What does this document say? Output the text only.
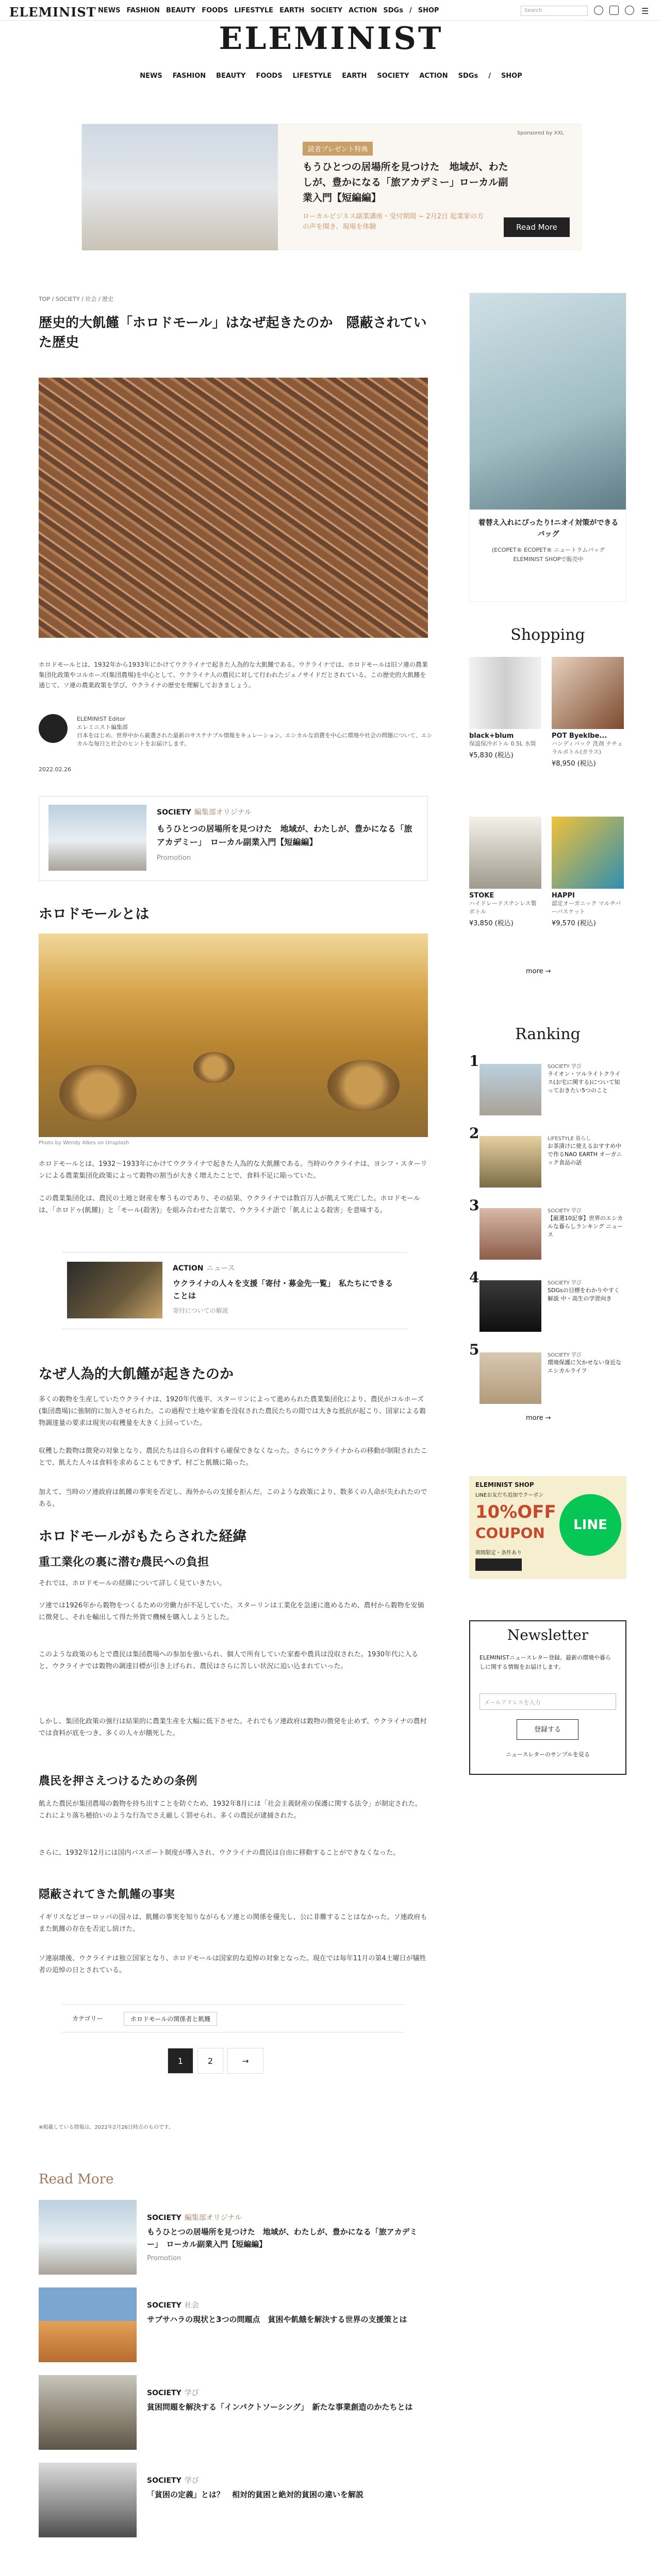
ELEMINIST NEWS FASHION BEAUTY FOODS LIFESTYLE EARTH SOCIETY ACTION SDGs / SHOP	Search	☰
ELEMINIST
NEWS FASHION BEAUTY FOODS LIFESTYLE EARTH SOCIETY ACTION SDGs / SHOP
Sponsored by XXL
読者プレゼント特典
もうひとつの居場所を見つけた　地域が、わたしが、豊かになる「旅アカデミー」ローカル副業入門【短編編】
ローカルビジネス副業講座・受付期間 ~ 2月2日 起業家の方の声を聞き、現場を体験	Read More
TOP / SOCIETY / 社会 / 歴史
歴史的大飢饉「ホロドモール」はなぜ起きたのか　隠蔽されていた歴史
ホロドモールとは、1932年から1933年にかけてウクライナで起きた人為的な大飢饉である。ウクライナでは、ホロドモールは旧ソ連の農業集団化政策やコルホーズ(集団農場)を中心として、ウクライナ人の農民に対して行われたジェノサイドだとされている。この歴史的大飢饉を通じて、ソ連の農業政策を学び、ウクライナの歴史を理解しておきましょう。
ELEMINIST Editor
エレミニスト編集部
日本をはじめ、世界中から厳選された最新のサステナブル情報をキュレーション。エシカルな消費を中心に環境や社会の問題について、エシカルな毎日と社会のヒントをお届けします。
2022.02.26
SOCIETY 編集部オリジナル
もうひとつの居場所を見つけた　地域が、わたしが、豊かになる「旅アカデミー」　ローカル副業入門【短編編】
Promotion
ホロドモールとは
Photo by Wendy Alkes on Unsplash
ホロドモールとは、1932〜1933年にかけてウクライナで起きた人為的な大飢饉である。当時のウクライナは、ヨシフ・スターリンによる農業集団化政策によって穀物の割当が大きく増えたことで、食料不足に陥っていた。
この農業集団化は、農民の土地と財産を奪うものであり、その結果、ウクライナでは数百万人が飢えて死亡した。ホロドモールは、「ホロドゥ(飢饉)」と「モール(殺害)」を組み合わせた言葉で、ウクライナ語で「飢えによる殺害」を意味する。
ACTION ニュース
ウクライナの人々を支援「寄付・募金先一覧」　私たちにできることは
寄付についての解説
なぜ人為的大飢饉が起きたのか
多くの穀物を生産していたウクライナは、1920年代後半、スターリンによって進められた農業集団化により、農民がコルホーズ(集団農場)に強制的に加入させられた。この過程で土地や家畜を没収された農民たちの間では大きな抵抗が起こり、国家による穀物調達量の要求は現実の収穫量を大きく上回っていた。
収穫した穀物は徴発の対象となり、農民たちは自らの食料すら確保できなくなった。さらにウクライナからの移動が制限されたことで、飢えた人々は食料を求めることもできず、村ごと飢餓に陥った。
加えて、当時のソ連政府は飢饉の事実を否定し、海外からの支援を拒んだ。このような政策により、数多くの人命が失われたのである。
ホロドモールがもたらされた経緯
重工業化の裏に潜む農民への負担
それでは、ホロドモールの経緯について詳しく見ていきたい。
ソ連では1926年から穀物をつくるための労働力が不足していた。スターリンは工業化を急速に進めるため、農村から穀物を安価に徴発し、それを輸出して得た外貨で機械を購入しようとした。
このような政策のもとで農民は集団農場への参加を強いられ、個人で所有していた家畜や農具は没収された。1930年代に入ると、ウクライナでは穀物の調達目標が引き上げられ、農民はさらに苦しい状況に追い込まれていった。
しかし、集団化政策の強行は結果的に農業生産を大幅に低下させた。それでもソ連政府は穀物の徴発を止めず、ウクライナの農村では食料が底をつき、多くの人々が餓死した。
農民を押さえつけるための条例
飢えた農民が集団農場の穀物を持ち出すことを防ぐため、1932年8月には「社会主義財産の保護に関する法令」が制定された。これにより落ち穂拾いのような行為でさえ厳しく罰せられ、多くの農民が逮捕された。
さらに、1932年12月には国内パスポート制度が導入され、ウクライナの農民は自由に移動することができなくなった。
隠蔽されてきた飢饉の事実
イギリスなどヨーロッパの国々は、飢饉の事実を知りながらもソ連との関係を優先し、公に非難することはなかった。ソ連政府もまた飢饉の存在を否定し続けた。
ソ連崩壊後、ウクライナは独立国家となり、ホロドモールは国家的な追悼の対象となった。現在では毎年11月の第4土曜日が犠牲者の追悼の日とされている。
カテゴリー	ホロドモールの関係者と飢饉
1	2	→
※掲載している情報は、2022年2月26日時点のものです。
Read More
SOCIETY 編集部オリジナル
もうひとつの居場所を見つけた　地域が、わたしが、豊かになる「旅アカデミー」　ローカル副業入門【短編編】
Promotion
SOCIETY 社会
サブサハラの現状と3つの問題点　貧困や飢餓を解決する世界の支援策とは
SOCIETY 学び
貧困問題を解決する「インパクトソーシング」　新たな事業創造のかたちとは
SOCIETY 学び
「貧困の定義」とは？　相対的貧困と絶対的貧困の違いを解説
着替え入れにぴったり!ニオイ対策ができるバッグ
(ECOPET® ECOPET® ニュートラムバッグ ELEMINIST SHOPで販売中
Shopping
black+blum
保温保冷ボトル 0.5L 水筒
¥5,830 (税込)
POT Byeklbe...
ハンディパック 洗剤 ナチュラルボトル(ガラス)
¥8,950 (税込)
STOKE
ハイドレードステンレス製ボトル
¥3,850 (税込)
HAPPI
認定オーガニック マルチバーバスケット
¥9,570 (税込)
more →
Ranking
1	SOCIETY 学び
ライオン・ツルライトクライス(お宅に関する)について知っておきたい5つのこと
2	LIFESTYLE 暮らし
お茶漬けに使えるおすすめ中で作るNAO EARTH オーガニック食品の話
3	SOCIETY 学び
【厳選10記事】世界のエシカルな暮らしランキング ニュース
4	SOCIETY 学び
SDGsの目標をわかりやすく解説 中・高生の学習向き
5	SOCIETY 学び
環境保護に欠かせない身近なエシカルライフ
more →
ELEMINIST SHOP
LINEお友だち追加でクーポン
10%OFF
COUPON
期間限定・条件あり
LINE
Newsletter
ELEMINISTニュースレター登録。最新の環境や暮らしに関する情報をお届けします。
メールアドレスを入力
登録する
ニュースレターのサンプルを見る
